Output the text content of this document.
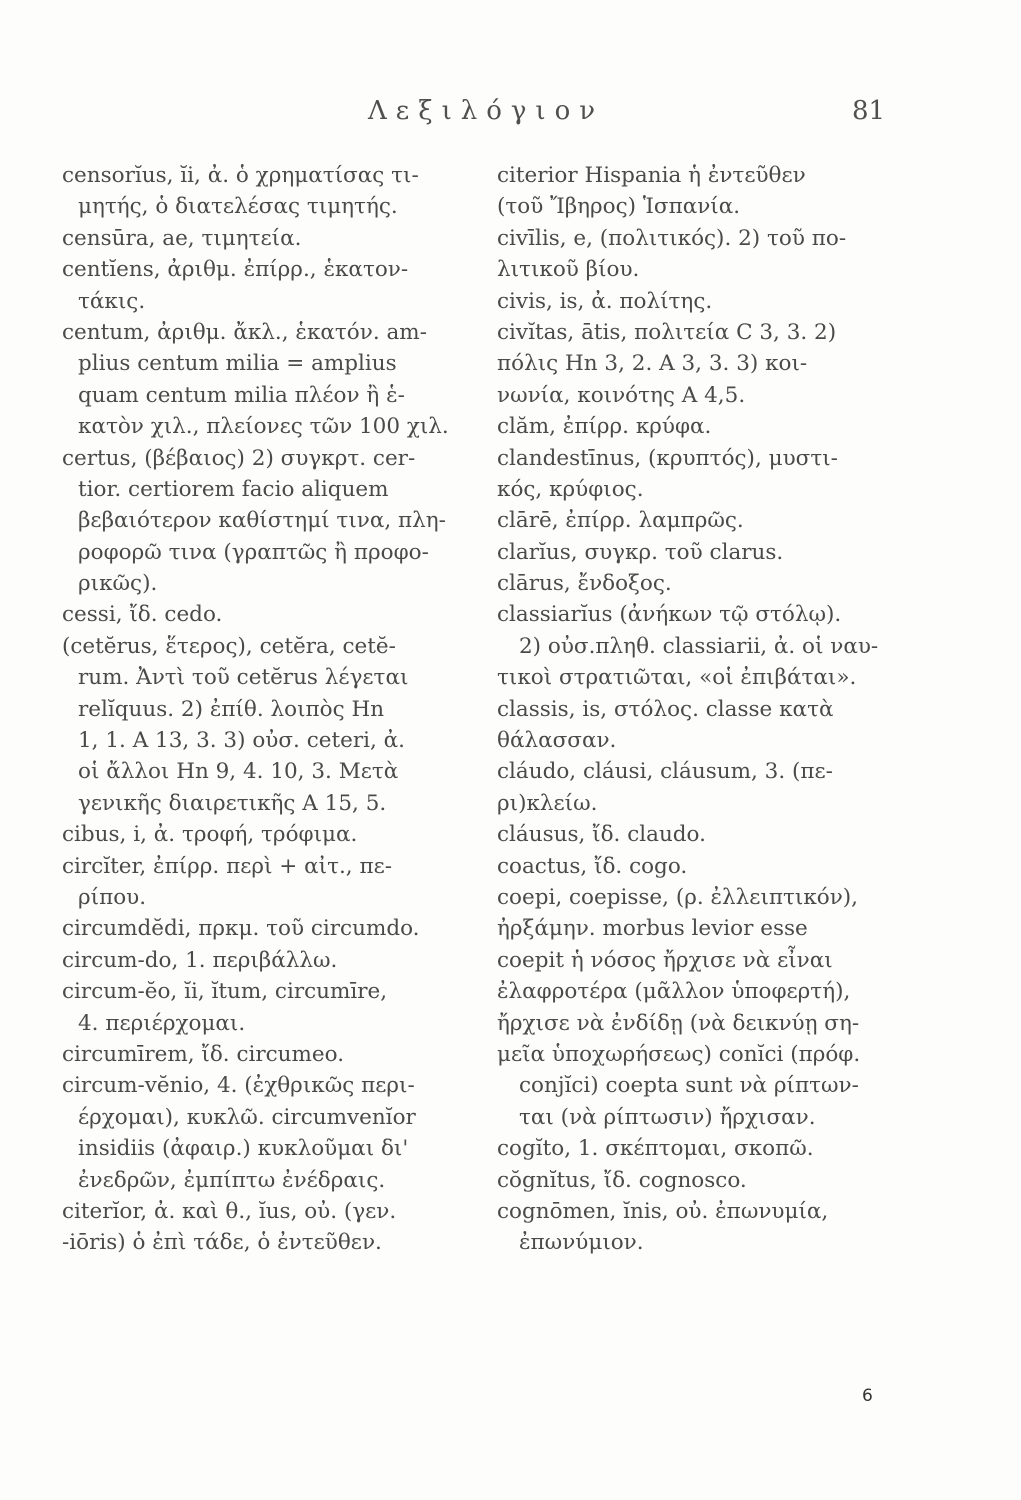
Λεξιλόγιον	81
censorĭus, ĭi, ἀ. ὁ χρηματίσας τι-
μητής, ὁ διατελέσας τιμητής.
censūra, ae, τιμητεία.
centĭens, ἀριθμ. ἐπίρρ., ἑκατον-
τάκις.
centum, ἀριθμ. ἄκλ., ἑκατόν. am-
plius centum milia = amplius
quam centum milia πλέον ἢ ἑ-
κατὸν χιλ., πλείονες τῶν 100 χιλ.
certus, (βέβαιος) 2) συγκρτ. cer-
tior. certiorem facio aliquem
βεβαιότερον καθίστημί τινα, πλη-
ροφορῶ τινα (γραπτῶς ἢ προφο-
ρικῶς).
cessi, ἴδ. cedo.
(cetĕrus, ἕτερος), cetĕra, cetĕ-
rum. Ἀντὶ τοῦ cetĕrus λέγεται
relĭquus. 2) ἐπίθ. λοιπὸς Hn
1, 1. A 13, 3. 3) οὐσ. ceteri, ἀ.
οἱ ἄλλοι Hn 9, 4. 10, 3. Μετὰ
γενικῆς διαιρετικῆς A 15, 5.
cibus, i, ἀ. τροφή, τρόφιμα.
circĭter, ἐπίρρ. περὶ + αἰτ., πε-
ρίπου.
circumdĕdi, πρκμ. τοῦ circumdo.
circum-do, 1. περιβάλλω.
circum-ĕo, ĭi, ĭtum, circumīre,
4. περιέρχομαι.
circumīrem, ἴδ. circumeo.
circum-vĕnio, 4. (ἐχθρικῶς περι-
έρχομαι), κυκλῶ. circumvenĭor
insidiis (ἀφαιρ.) κυκλοῦμαι δι'
ἐνεδρῶν, ἐμπίπτω ἐνέδραις.
citerĭor, ἀ. καὶ θ., ĭus, οὐ. (γεν.
-iōris) ὁ ἐπὶ τάδε, ὁ ἐντεῦθεν.
citerior Hispania ἡ ἐντεῦθεν
(τοῦ Ἴβηρος) Ἱσπανία.
civīlis, e, (πολιτικός). 2) τοῦ πο-
λιτικοῦ βίου.
civis, is, ἀ. πολίτης.
civĭtas, ātis, πολιτεία C 3, 3. 2)
πόλις Hn 3, 2. A 3, 3. 3) κοι-
νωνία, κοινότης A 4,5.
clăm, ἐπίρρ. κρύφα.
clandestīnus, (κρυπτός), μυστι-
κός, κρύφιος.
clārē, ἐπίρρ. λαμπρῶς.
clarĭus, συγκρ. τοῦ clarus.
clārus, ἔνδοξος.
classiarĭus (ἀνήκων τῷ στόλῳ).
2) οὐσ.πληθ. classiarii, ἀ. οἱ ναυ-
τικοὶ στρατιῶται, «οἱ ἐπιβάται».
classis, is, στόλος. classe κατὰ
θάλασσαν.
cláudo, cláusi, cláusum, 3. (πε-
ρι)κλείω.
cláusus, ἴδ. claudo.
coactus, ἴδ. cogo.
coepi, coepisse, (ρ. ἐλλειπτικόν),
ἠρξάμην. morbus levior esse
coepit ἡ νόσος ἤρχισε νὰ εἶναι
ἐλαφροτέρα (μᾶλλον ὑποφερτή),
ἤρχισε νὰ ἐνδίδῃ (νὰ δεικνύῃ ση-
μεῖα ὑποχωρήσεως) conĭci (πρόφ.
conjĭci) coepta sunt νὰ ρίπτων-
ται (νὰ ρίπτωσιν) ἤρχισαν.
cogĭto, 1. σκέπτομαι, σκοπῶ.
cŏgnĭtus, ἴδ. cognosco.
cognōmen, ĭnis, οὐ. ἐπωνυμία,
ἐπωνύμιον.
6
